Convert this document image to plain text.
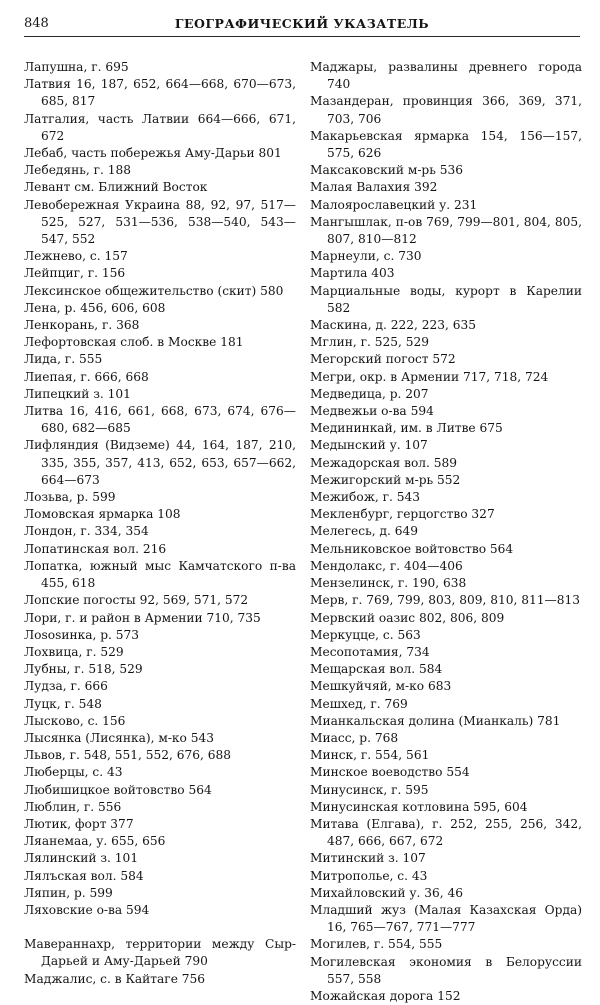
848	ГЕОГРАФИЧЕСКИЙ УКАЗАТЕЛЬ
Лапушна, г. 695
Латвия 16, 187, 652, 664—668, 670—673, 685, 817
Латгалия, часть Латвии 664—666, 671, 672
Лебаб, часть побережья Аму-Дарьи 801
Лебедянь, г. 188
Левант см. Ближний Восток
Левобережная Украина 88, 92, 97, 517—525, 527, 531—536, 538—540, 543—547, 552
Лежнево, с. 157
Лейпциг, г. 156
Лексинское общежительство (скит) 580
Лена, р. 456, 606, 608
Ленкорань, г. 368
Лефортовская слоб. в Москве 181
Лида, г. 555
Лиепая, г. 666, 668
Липецкий з. 101
Литва 16, 416, 661, 668, 673, 674, 676—680, 682—685
Лифляндия (Видземе) 44, 164, 187, 210, 335, 355, 357, 413, 652, 653, 657—662, 664—673
Лозьва, р. 599
Ломовская ярмарка 108
Лондон, г. 334, 354
Лопатинская вол. 216
Лопатка, южный мыс Камчатского п-ва 455, 618
Лопские погосты 92, 569, 571, 572
Лори, г. и район в Армении 710, 735
Лososинка, р. 573
Лохвица, г. 529
Лубны, г. 518, 529
Лудза, г. 666
Луцк, г. 548
Лысково, с. 156
Лысянка (Лисянка), м-ко 543
Львов, г. 548, 551, 552, 676, 688
Люберцы, с. 43
Любишицкое войтовство 564
Люблин, г. 556
Лютик, форт 377
Ляанемаа, у. 655, 656
Лялинский з. 101
Лялъская вол. 584
Ляпин, р. 599
Ляховские о-ва 594
Мавераннахр, территории между Сыр-Дарьей и Аму-Дарьей 790
Маджалис, с. в Кайтаге 756
Маджары, развалины древнего города 740
Мазандеран, провинция 366, 369, 371, 703, 706
Макарьевская ярмарка 154, 156—157, 575, 626
Максаковский м-рь 536
Малая Валахия 392
Малоярославецкий у. 231
Мангышлак, п-ов 769, 799—801, 804, 805, 807, 810—812
Марнеули, с. 730
Мартила 403
Марциальные воды, курорт в Карелии 582
Маскина, д. 222, 223, 635
Мглин, г. 525, 529
Мегорский погост 572
Мегри, окр. в Армении 717, 718, 724
Медведица, р. 207
Медвежьи о-ва 594
Медининкай, им. в Литве 675
Медынский у. 107
Межадорская вол. 589
Межигорский м-рь 552
Межибож, г. 543
Мекленбург, герцогство 327
Мелегесь, д. 649
Мельниковское войтовство 564
Мендолакс, г. 404—406
Мензелинск, г. 190, 638
Мерв, г. 769, 799, 803, 809, 810, 811—813
Мервский оазис 802, 806, 809
Меркуцце, с. 563
Месопотамия, 734
Мещарская вол. 584
Мешкуйчяй, м-ко 683
Мешхед, г. 769
Мианкальская долина (Мианкаль) 781
Миасс, р. 768
Минск, г. 554, 561
Минское воеводство 554
Минусинск, г. 595
Минусинская котловина 595, 604
Митава (Елгава), г. 252, 255, 256, 342, 487, 666, 667, 672
Митинский з. 107
Митрополье, с. 43
Михайловский у. 36, 46
Младший жуз (Малая Казахская Орда) 16, 765—767, 771—777
Могилев, г. 554, 555
Могилевская экономия в Белоруссии 557, 558
Можайская дорога 152
